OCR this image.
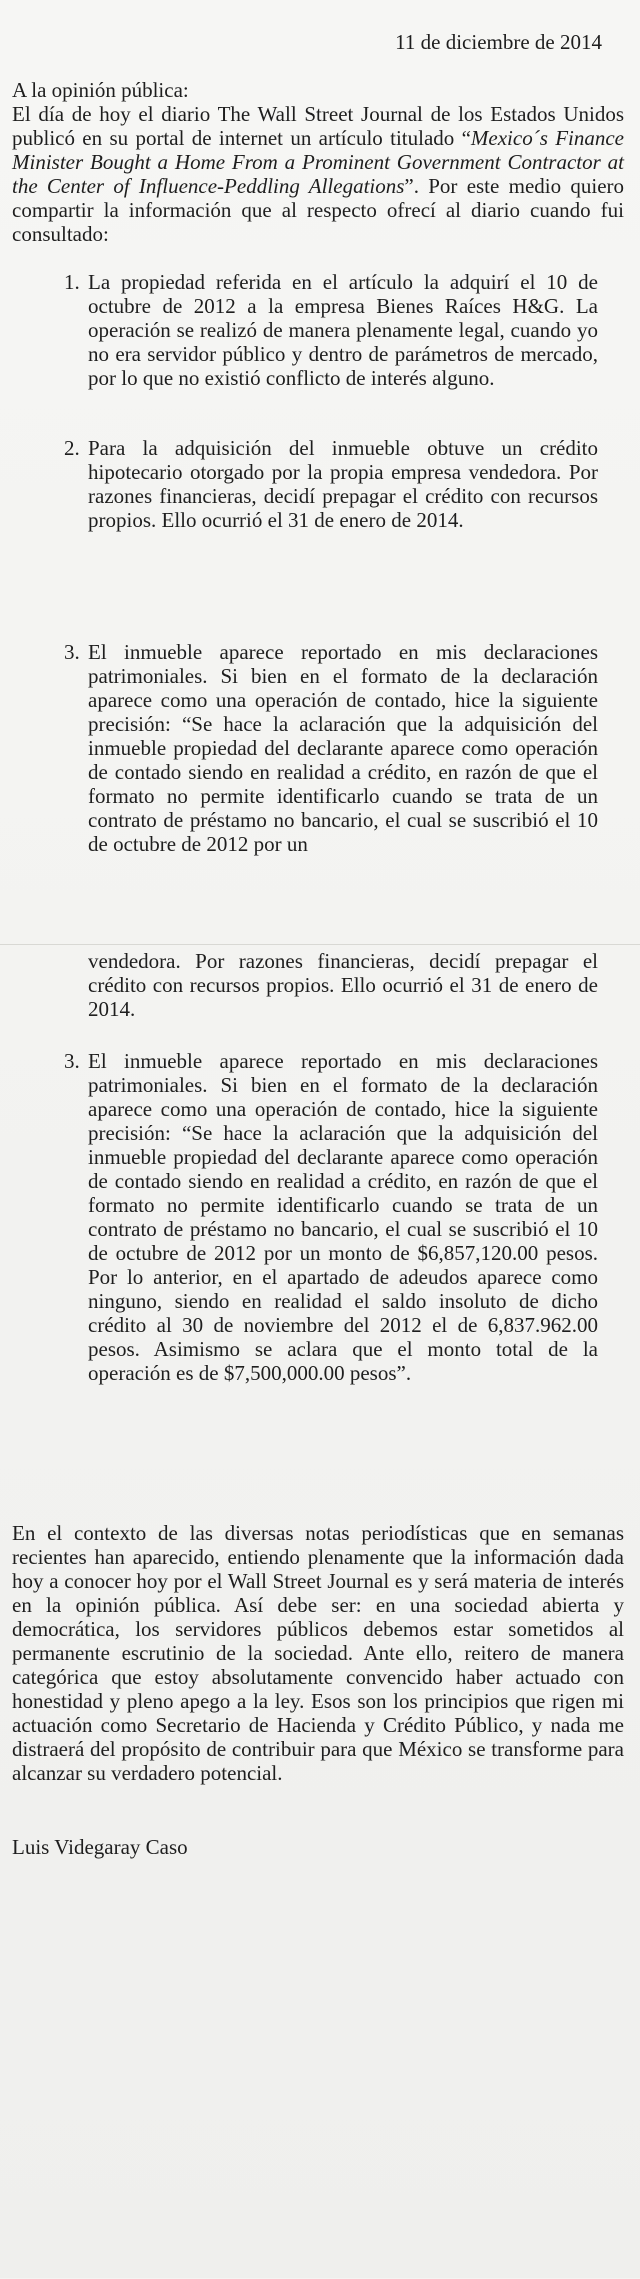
11 de diciembre de 2014

A la opinión pública:

El día de hoy el diario The Wall Street Journal de los Estados Unidos publicó en su portal de internet un artículo titulado “Mexico´s Finance Minister Bought a Home From a Prominent Government Contractor at the Center of Influence-Peddling Allegations”. Por este medio quiero compartir la información que al respecto ofrecí al diario cuando fui consultado:

1. La propiedad referida en el artículo la adquirí el 10 de octubre de 2012 a la empresa Bienes Raíces H&G. La operación se realizó de manera plenamente legal, cuando yo no era servidor público y dentro de parámetros de mercado, por lo que no existió conflicto de interés alguno.

2. Para la adquisición del inmueble obtuve un crédito hipotecario otorgado por la propia empresa vendedora. Por razones financieras, decidí prepagar el crédito con recursos propios. Ello ocurrió el 31 de enero de 2014.

3. El inmueble aparece reportado en mis declaraciones patrimoniales. Si bien en el formato de la declaración aparece como una operación de contado, hice la siguiente precisión: “Se hace la aclaración que la adquisición del inmueble propiedad del declarante aparece como operación de contado siendo en realidad a crédito, en razón de que el formato no permite identificarlo cuando se trata de un contrato de préstamo no bancario, el cual se suscribió el 10 de octubre de 2012 por un

vendedora. Por razones financieras, decidí prepagar el crédito con recursos propios. Ello ocurrió el 31 de enero de 2014.

3. El inmueble aparece reportado en mis declaraciones patrimoniales. Si bien en el formato de la declaración aparece como una operación de contado, hice la siguiente precisión: “Se hace la aclaración que la adquisición del inmueble propiedad del declarante aparece como operación de contado siendo en realidad a crédito, en razón de que el formato no permite identificarlo cuando se trata de un contrato de préstamo no bancario, el cual se suscribió el 10 de octubre de 2012 por un monto de $6,857,120.00 pesos. Por lo anterior, en el apartado de adeudos aparece como ninguno, siendo en realidad el saldo insoluto de dicho crédito al 30 de noviembre del 2012 el de 6,837.962.00 pesos. Asimismo se aclara que el monto total de la operación es de $7,500,000.00 pesos”.

En el contexto de las diversas notas periodísticas que en semanas recientes han aparecido, entiendo plenamente que la información dada hoy a conocer hoy por el Wall Street Journal es y será materia de interés en la opinión pública. Así debe ser: en una sociedad abierta y democrática, los servidores públicos debemos estar sometidos al permanente escrutinio de la sociedad. Ante ello, reitero de manera categórica que estoy absolutamente convencido haber actuado con honestidad y pleno apego a la ley. Esos son los principios que rigen mi actuación como Secretario de Hacienda y Crédito Público, y nada me distraerá del propósito de contribuir para que México se transforme para alcanzar su verdadero potencial.
Luis Videgaray Caso
